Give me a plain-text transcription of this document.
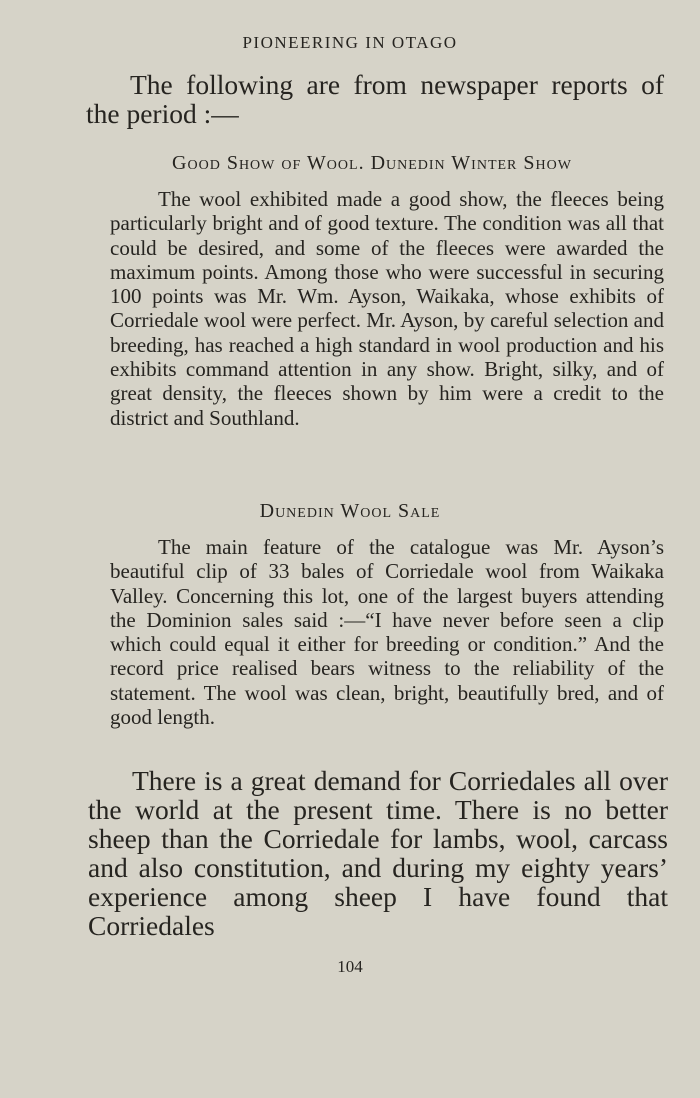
PIONEERING IN OTAGO

The following are from newspaper reports of the period :—

Good Show of Wool. Dunedin Winter Show

The wool exhibited made a good show, the fleeces being particularly bright and of good texture. The condition was all that could be desired, and some of the fleeces were awarded the maximum points. Among those who were successful in securing 100 points was Mr. Wm. Ayson, Waikaka, whose exhibits of Corriedale wool were perfect. Mr. Ayson, by careful selection and breeding, has reached a high standard in wool production and his exhibits command attention in any show. Bright, silky, and of great density, the fleeces shown by him were a credit to the district and Southland.

Dunedin Wool Sale

The main feature of the catalogue was Mr. Ayson’s beautiful clip of 33 bales of Corriedale wool from Waikaka Valley. Concerning this lot, one of the largest buyers attending the Dominion sales said :—“I have never before seen a clip which could equal it either for breeding or condition.” And the record price realised bears witness to the reliability of the statement. The wool was clean, bright, beautifully bred, and of good length.

There is a great demand for Corriedales all over the world at the present time. There is no better sheep than the Corriedale for lambs, wool, carcass and also constitution, and during my eighty years’ experience among sheep I have found that Corriedales

104
